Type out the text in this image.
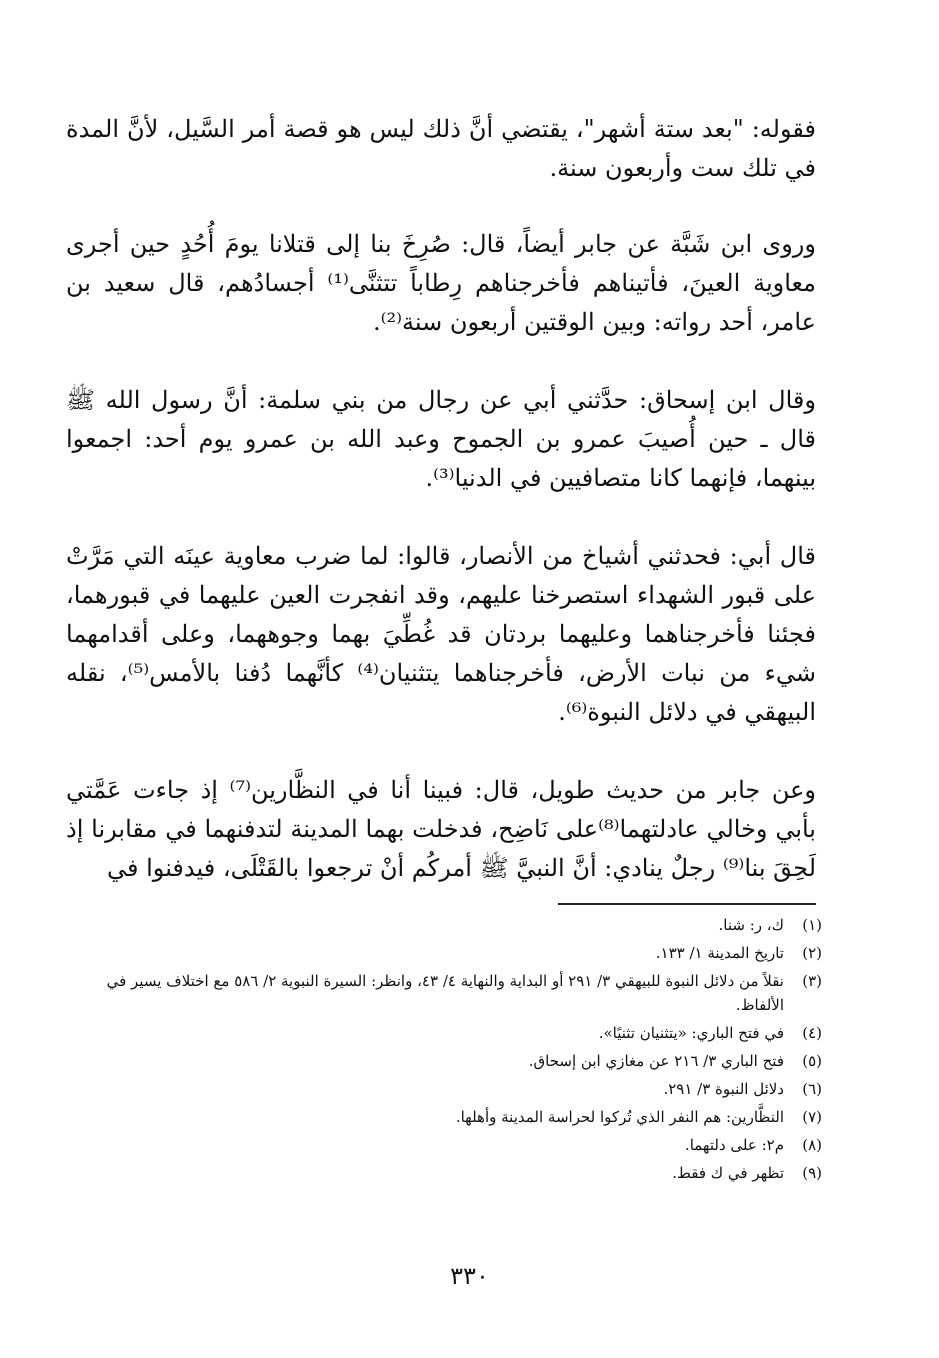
فقوله: "بعد ستة أشهر"، يقتضي أنَّ ذلك ليس هو قصة أمر السَّيل، لأنَّ المدة في تلك ست وأربعون سنة.

وروى ابن شَبَّة عن جابر أيضاً، قال: صُرِخَ بنا إلى قتلانا يومَ أُحُدٍ حين أجرى معاوية العينَ، فأتيناهم فأخرجناهم رِطاباً تتثنَّى⁽¹⁾ أجسادُهم، قال سعيد بن عامر، أحد رواته: وبين الوقتين أربعون سنة⁽²⁾.

وقال ابن إسحاق: حدَّثني أبي عن رجال من بني سلمة: أنَّ رسول الله ﷺ قال ـ حين أُصيبَ عمرو بن الجموح وعبد الله بن عمرو يوم أحد: اجمعوا بينهما، فإنهما كانا متصافيين في الدنيا⁽³⁾.

قال أبي: فحدثني أشياخ من الأنصار، قالوا: لما ضرب معاوية عينَه التي مَرَّتْ على قبور الشهداء استصرخنا عليهم، وقد انفجرت العين عليهما في قبورهما، فجئنا فأخرجناهما وعليهما بردتان قد غُطِّيَ بهما وجوههما، وعلى أقدامهما شيء من نبات الأرض، فأخرجناهما يتثنيان⁽⁴⁾ كأنَّهما دُفنا بالأمس⁽⁵⁾، نقله البيهقي في دلائل النبوة⁽⁶⁾.

وعن جابر من حديث طويل، قال: فبينا أنا في النظَّارين⁽⁷⁾ إذ جاءت عَمَّتي بأبي وخالي عادلتهما⁽⁸⁾على نَاضِح، فدخلت بهما المدينة لتدفنهما في مقابرنا إذ لَحِقَ بنا⁽⁹⁾ رجلٌ ينادي: أنَّ النبيَّ ﷺ أمركُم أنْ ترجعوا بالقَتْلَى، فيدفنوا في

(١)
ك، ر: شنا.
(٢)
تاريخ المدينة ١/ ١٣٣.
(٣)
نقلاً من دلائل النبوة للبيهقي ٣/ ٢٩١ أو البداية والنهاية ٤/ ٤٣، وانظر: السيرة النبوية ٢/ ٥٨٦ مع اختلاف يسير في الألفاظ.
(٤)
في فتح الباري: «يتثنيان تثنيًا».
(٥)
فتح الباري ٣/ ٢١٦ عن مغازي ابن إسحاق.
(٦)
دلائل النبوة ٣/ ٢٩١.
(٧)
النظَّارين: هم النفر الذي تُركوا لحراسة المدينة وأهلها.
(٨)
م٢: على دلتهما.
(٩)
تظهر في ك فقط.
٣٣٠
